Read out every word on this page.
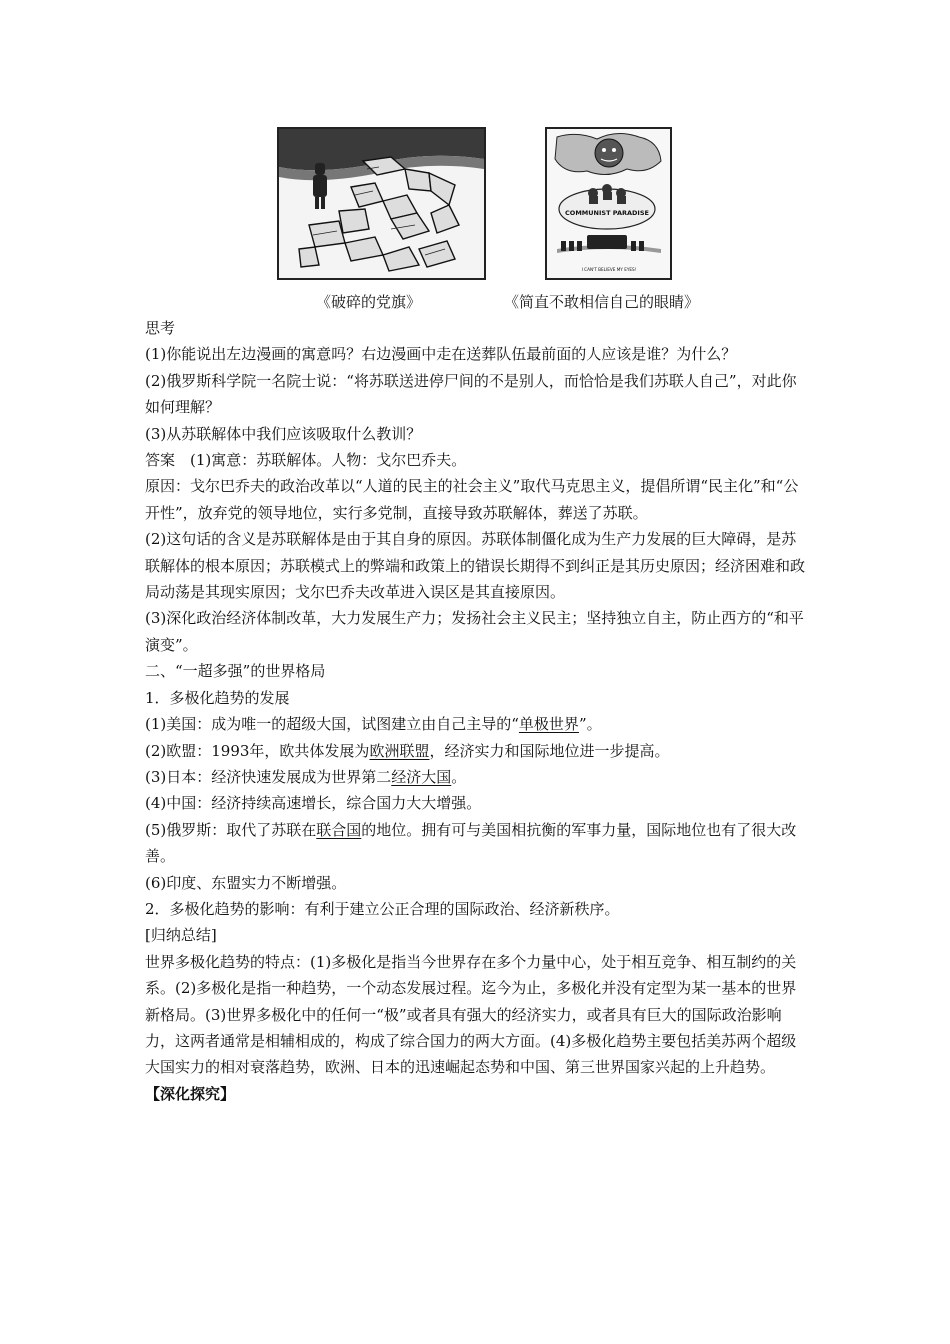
COMMUNIST PARADISE
I CAN'T BELIEVE MY EYES!
《破碎的党旗》	《简直不敢相信自己的眼睛》

思考

(1)你能说出左边漫画的寓意吗？右边漫画中走在送葬队伍最前面的人应该是谁？为什么？

(2)俄罗斯科学院一名院士说：“将苏联送进停尸间的不是别人，而恰恰是我们苏联人自己”，对此你如何理解？

(3)从苏联解体中我们应该吸取什么教训？

答案　(1)寓意：苏联解体。人物：戈尔巴乔夫。

原因：戈尔巴乔夫的政治改革以“人道的民主的社会主义”取代马克思主义，提倡所谓“民主化”和“公开性”，放弃党的领导地位，实行多党制，直接导致苏联解体，葬送了苏联。

(2)这句话的含义是苏联解体是由于其自身的原因。苏联体制僵化成为生产力发展的巨大障碍，是苏联解体的根本原因；苏联模式上的弊端和政策上的错误长期得不到纠正是其历史原因；经济困难和政局动荡是其现实原因；戈尔巴乔夫改革进入误区是其直接原因。

(3)深化政治经济体制改革，大力发展生产力；发扬社会主义民主；坚持独立自主，防止西方的“和平演变”。

二、“一超多强”的世界格局

1．多极化趋势的发展

(1)美国：成为唯一的超级大国，试图建立由自己主导的“单极世界”。

(2)欧盟：1993年，欧共体发展为欧洲联盟，经济实力和国际地位进一步提高。

(3)日本：经济快速发展成为世界第二经济大国。

(4)中国：经济持续高速增长，综合国力大大增强。

(5)俄罗斯：取代了苏联在联合国的地位。拥有可与美国相抗衡的军事力量，国际地位也有了很大改善。

(6)印度、东盟实力不断增强。

2．多极化趋势的影响：有利于建立公正合理的国际政治、经济新秩序。

[归纳总结]

世界多极化趋势的特点：(1)多极化是指当今世界存在多个力量中心，处于相互竞争、相互制约的关系。(2)多极化是指一种趋势，一个动态发展过程。迄今为止，多极化并没有定型为某一基本的世界新格局。(3)世界多极化中的任何一“极”或者具有强大的经济实力，或者具有巨大的国际政治影响力，这两者通常是相辅相成的，构成了综合国力的两大方面。(4)多极化趋势主要包括美苏两个超级大国实力的相对衰落趋势，欧洲、日本的迅速崛起态势和中国、第三世界国家兴起的上升趋势。

【深化探究】
